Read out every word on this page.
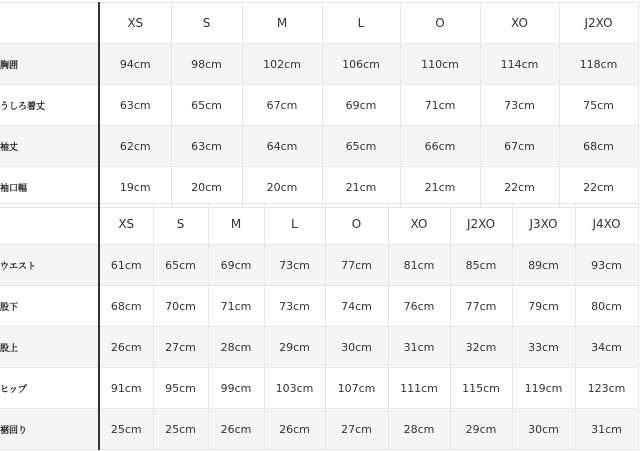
	XS	S	M	L	O	XO	J2XO
胸囲	94cm	98cm	102cm	106cm	110cm	114cm	118cm
うしろ着丈	63cm	65cm	67cm	69cm	71cm	73cm	75cm
袖丈	62cm	63cm	64cm	65cm	66cm	67cm	68cm
袖口幅	19cm	20cm	20cm	21cm	21cm	22cm	22cm
	XS	S	M	L	O	XO	J2XO	J3XO	J4XO
ウエスト	61cm	65cm	69cm	73cm	77cm	81cm	85cm	89cm	93cm
股下	68cm	70cm	71cm	73cm	74cm	76cm	77cm	79cm	80cm
股上	26cm	27cm	28cm	29cm	30cm	31cm	32cm	33cm	34cm
ヒップ	91cm	95cm	99cm	103cm	107cm	111cm	115cm	119cm	123cm
裾回り	25cm	25cm	26cm	26cm	27cm	28cm	29cm	30cm	31cm
